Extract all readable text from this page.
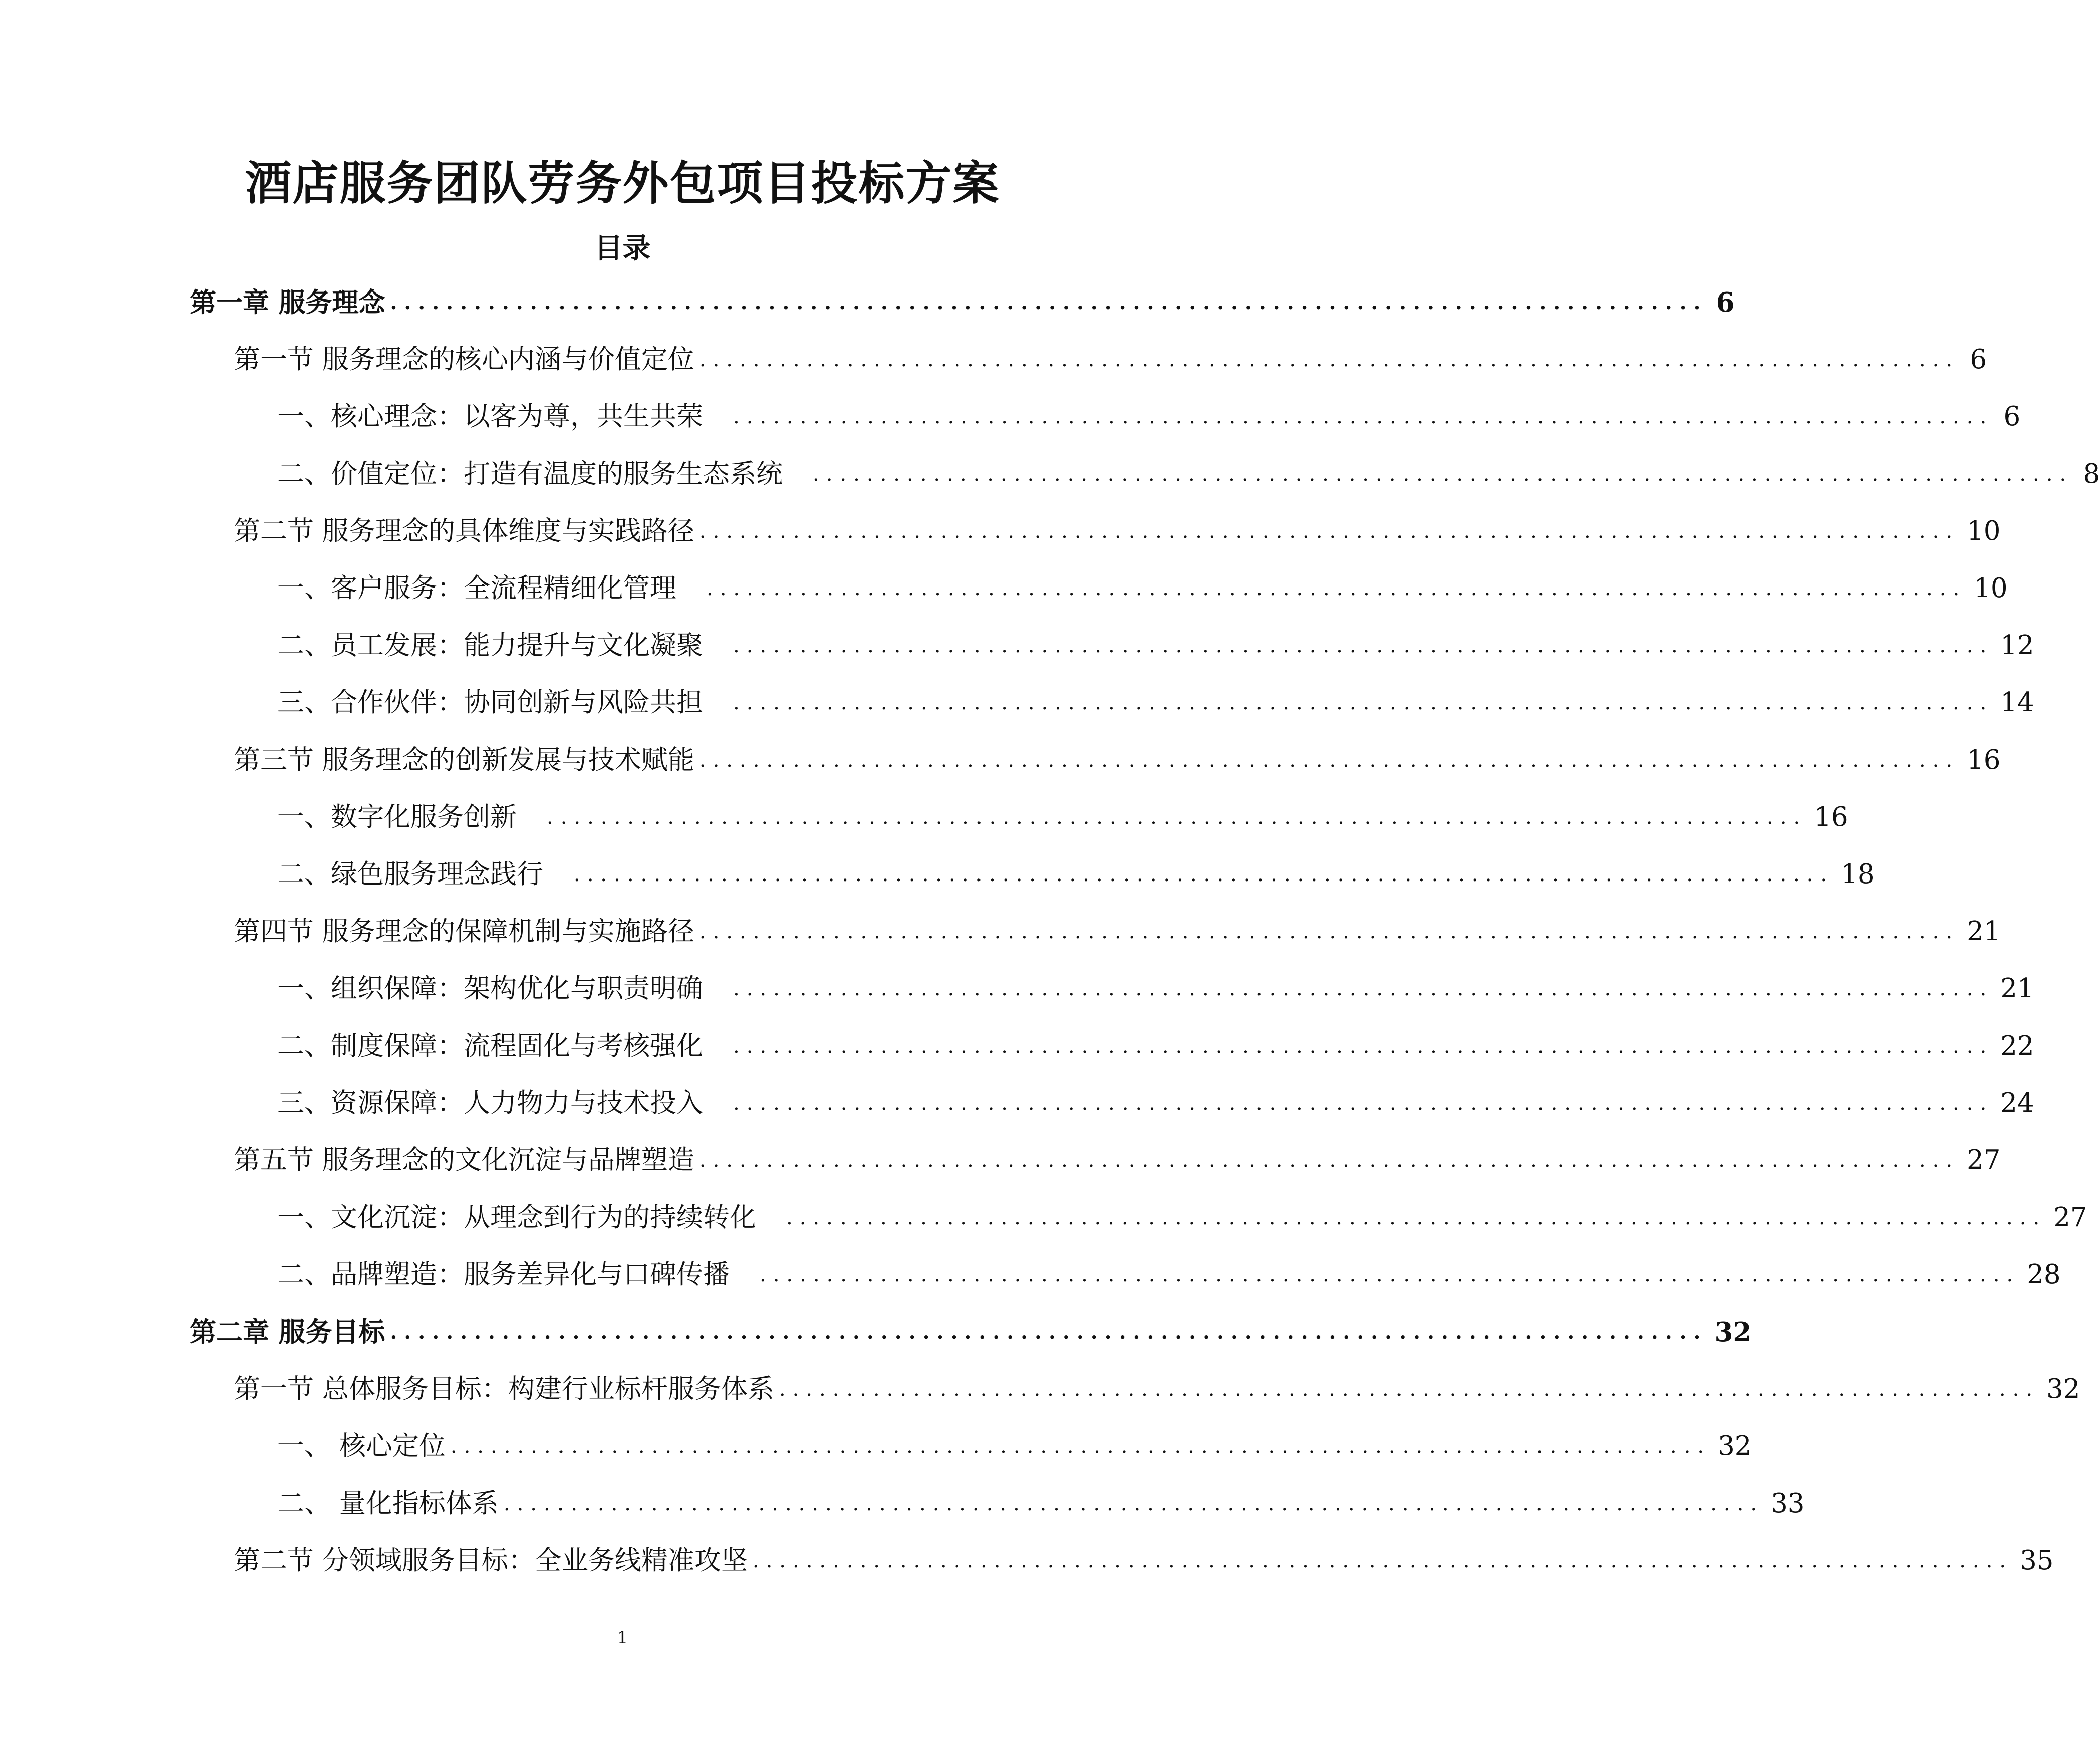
酒店服务团队劳务外包项目投标方案
目录
第一章 服务理念 .............................................................................................. 6
第一节 服务理念的核心内涵与价值定位 .............................................................................................. 6
一、核心理念：以客为尊，共生共荣 .............................................................................................. 6
二、价值定位：打造有温度的服务生态系统 .............................................................................................. 8
第二节 服务理念的具体维度与实践路径 .............................................................................................. 10
一、客户服务：全流程精细化管理 .............................................................................................. 10
二、员工发展：能力提升与文化凝聚 .............................................................................................. 12
三、合作伙伴：协同创新与风险共担 .............................................................................................. 14
第三节 服务理念的创新发展与技术赋能 .............................................................................................. 16
一、数字化服务创新 .............................................................................................. 16
二、绿色服务理念践行 .............................................................................................. 18
第四节 服务理念的保障机制与实施路径 .............................................................................................. 21
一、组织保障：架构优化与职责明确 .............................................................................................. 21
二、制度保障：流程固化与考核强化 .............................................................................................. 22
三、资源保障：人力物力与技术投入 .............................................................................................. 24
第五节 服务理念的文化沉淀与品牌塑造 .............................................................................................. 27
一、文化沉淀：从理念到行为的持续转化 .............................................................................................. 27
二、品牌塑造：服务差异化与口碑传播 .............................................................................................. 28
第二章 服务目标 .............................................................................................. 32
第一节 总体服务目标：构建行业标杆服务体系 .............................................................................................. 32
一、 核心定位 .............................................................................................. 32
二、 量化指标体系 .............................................................................................. 33
第二节 分领域服务目标：全业务线精准攻坚 .............................................................................................. 35
1
